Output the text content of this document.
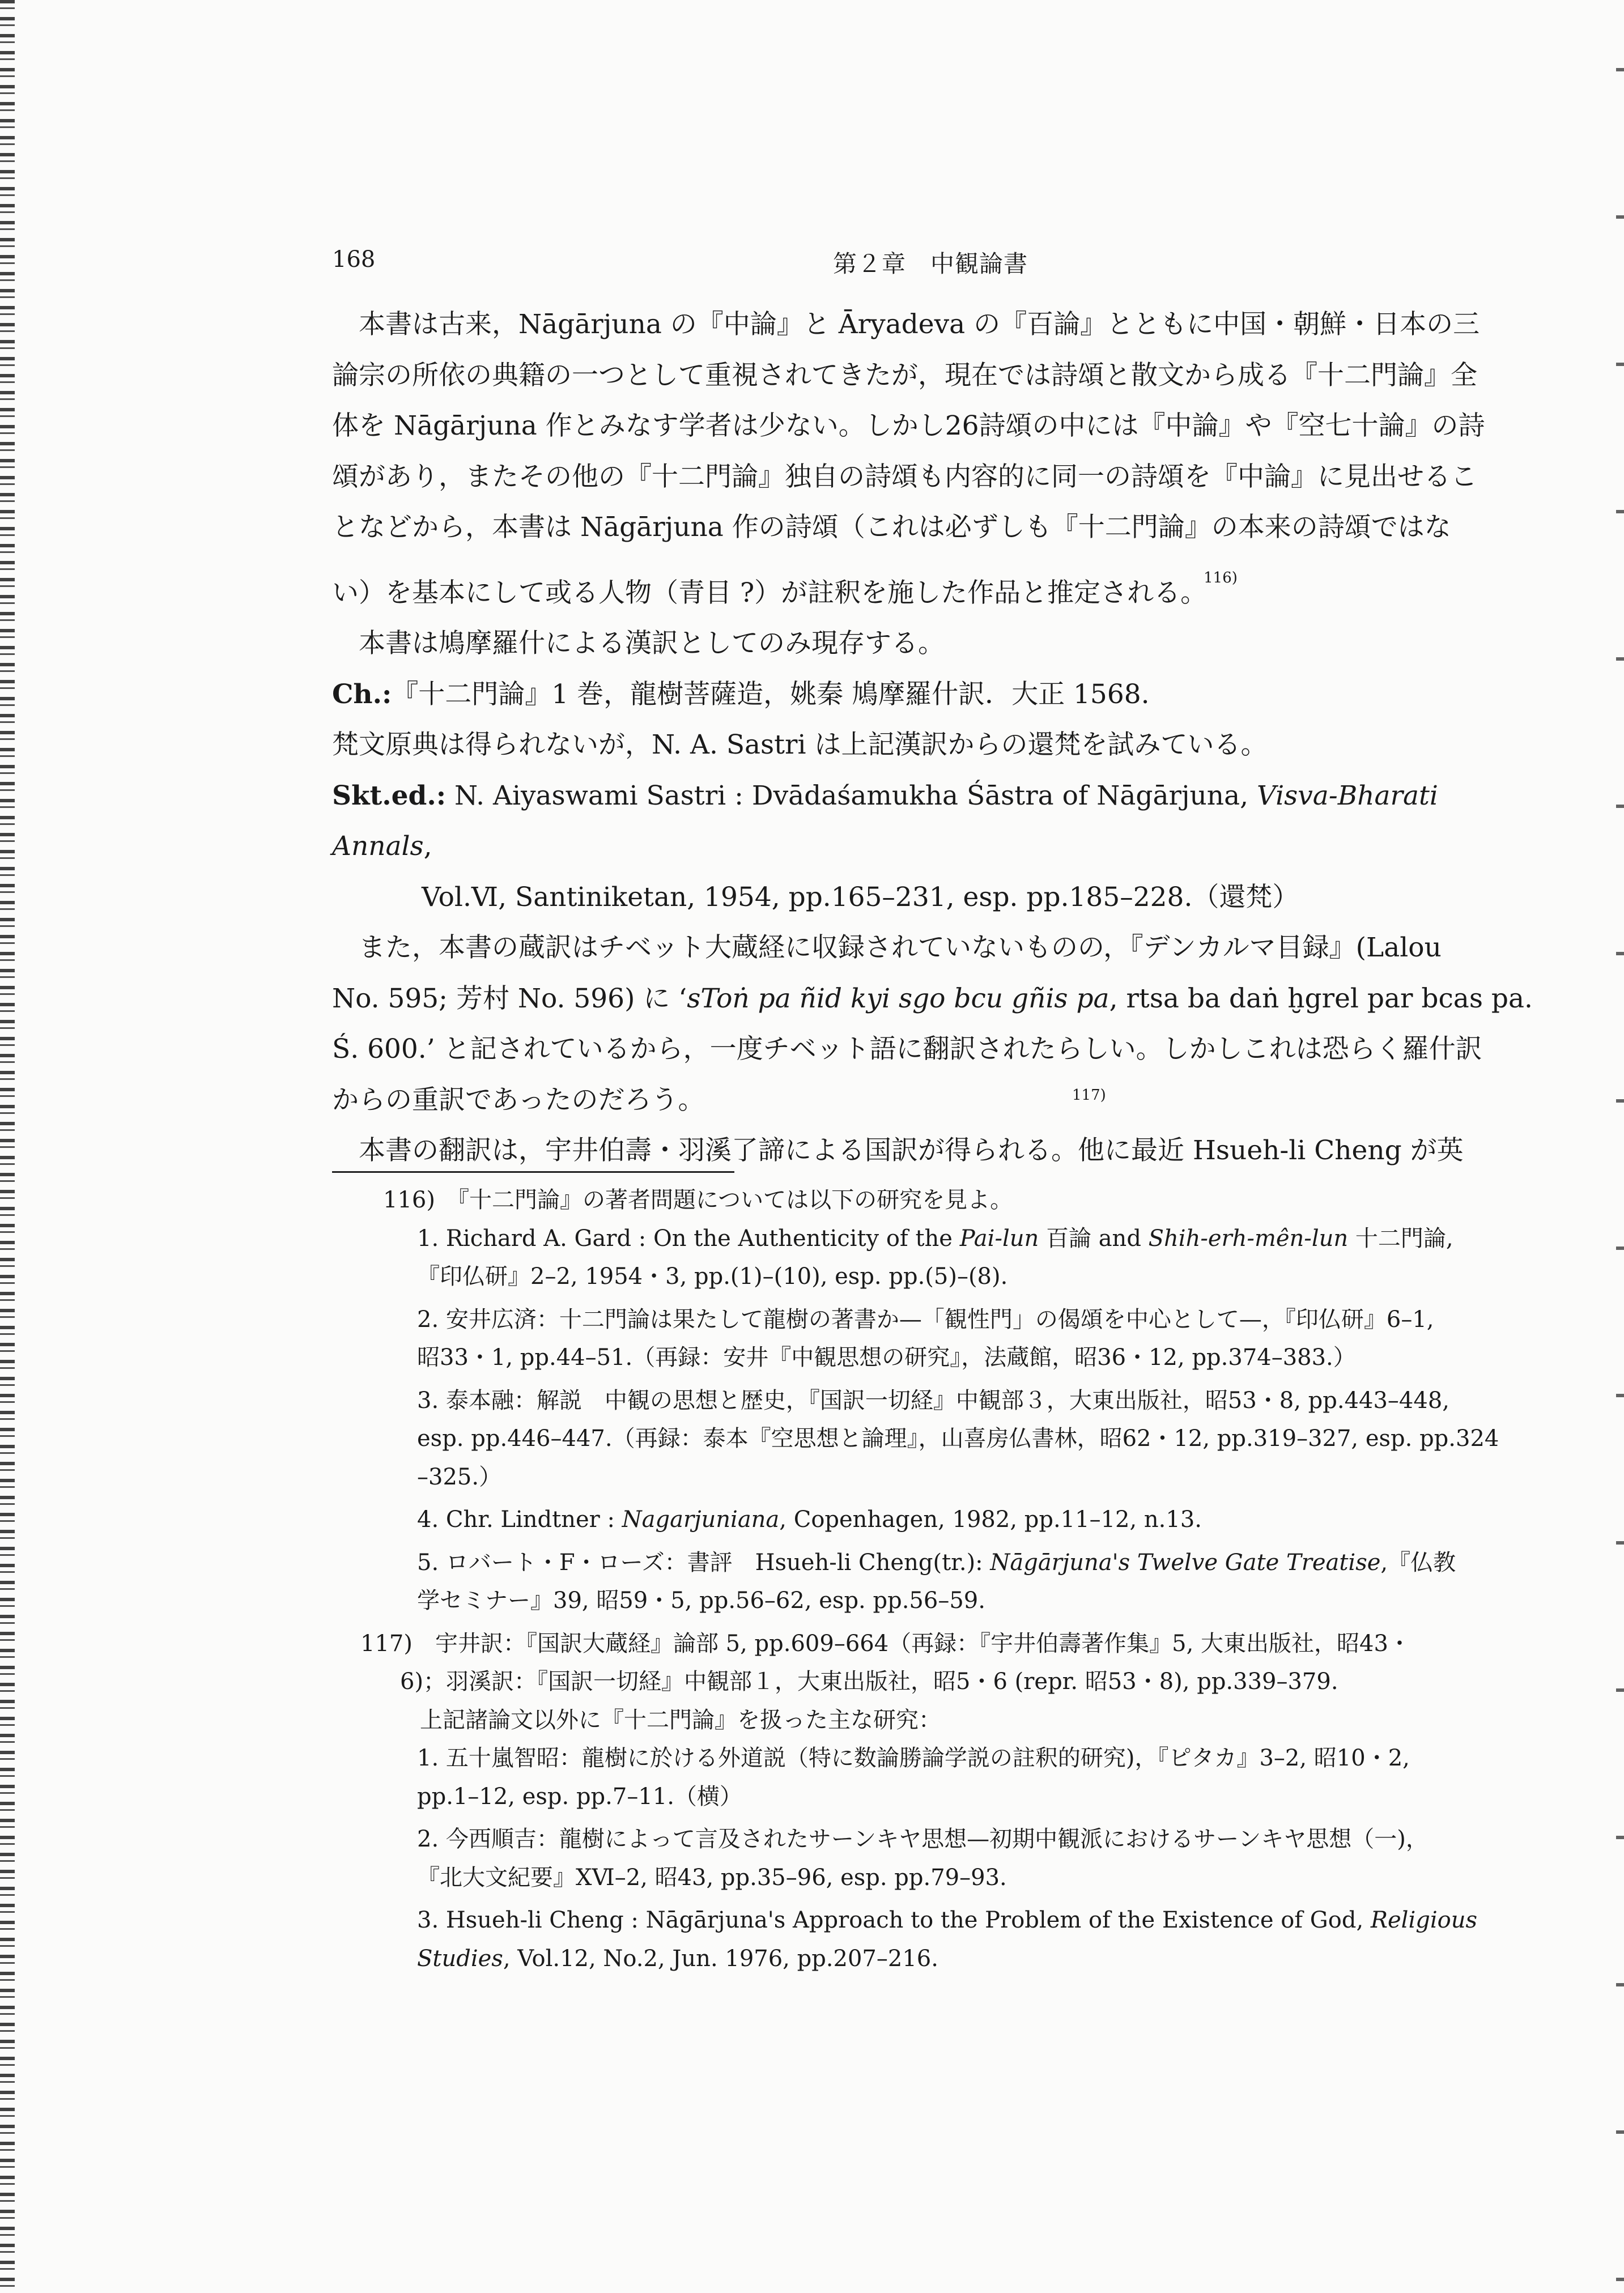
168	第２章　中観論書

本書は古来，Nāgārjuna の『中論』と Āryadeva の『百論』とともに中国・朝鮮・日本の三

論宗の所依の典籍の一つとして重視されてきたが，現在では詩頌と散文から成る『十二門論』全

体を Nāgārjuna 作とみなす学者は少ない。しかし26詩頌の中には『中論』や『空七十論』の詩

頌があり，またその他の『十二門論』独自の詩頌も内容的に同一の詩頌を『中論』に見出せるこ

となどから，本書は Nāgārjuna 作の詩頌（これは必ずしも『十二門論』の本来の詩頌ではな

い）を基本にして或る人物（青目 ?）が註釈を施した作品と推定される。$^{116)}$

本書は鳩摩羅什による漢訳としてのみ現存する。

Ch.:『十二門論』1 巻，龍樹菩薩造，姚秦 鳩摩羅什訳．大正 1568.

梵文原典は得られないが，N. A. Sastri は上記漢訳からの還梵を試みている。

Skt.ed.: N. Aiyaswami Sastri : Dvādaśamukha Śāstra of Nāgārjuna, Visva-Bharati Annals,

Vol.Ⅵ, Santiniketan, 1954, pp.165–231, esp. pp.185–228.（還梵）

また，本書の蔵訳はチベット大蔵経に収録されていないものの，『デンカルマ目録』(Lalou

No. 595; 芳村 No. 596) に ‘sToṅ pa ñid kyi sgo bcu gñis pa, rtsa ba daṅ ḫgrel par bcas pa.

Ś. 600.’ と記されているから，一度チベット語に翻訳されたらしい。しかしこれは恐らく羅什訳

からの重訳であったのだろう。

本書の翻訳は，宇井伯壽・羽溪了諦による国訳が得られる。他に最近 Hsueh-li Cheng が英

117)

116)　『十二門論』の著者問題については以下の研究を見よ。

1. Richard A. Gard : On the Authenticity of the Pai-lun 百論 and Shih-erh-mên-lun 十二門論,

『印仏研』2–2, 1954・3, pp.(1)–(10), esp. pp.(5)–(8).

2. 安井広済：十二門論は果たして龍樹の著書か—「観性門」の偈頌を中心として—，『印仏研』6–1,

昭33・1, pp.44–51.（再録：安井『中観思想の研究』，法蔵館，昭36・12, pp.374–383.）

3. 泰本融：解説　中観の思想と歴史，『国訳一切経』中観部３，大東出版社，昭53・8, pp.443–448,

esp. pp.446–447.（再録：泰本『空思想と論理』，山喜房仏書林，昭62・12, pp.319–327, esp. pp.324

–325.）

4. Chr. Lindtner : Nagarjuniana, Copenhagen, 1982, pp.11–12, n.13.

5. ロバート・F・ローズ：書評　Hsueh-li Cheng(tr.): Nāgārjuna's Twelve Gate Treatise,『仏教

学セミナー』39, 昭59・5, pp.56–62, esp. pp.56–59.

117)　宇井訳：『国訳大蔵経』論部 5, pp.609–664（再録：『宇井伯壽著作集』5, 大東出版社，昭43・

6)；羽溪訳：『国訳一切経』中観部１，大東出版社，昭5・6 (repr. 昭53・8), pp.339–379.

上記諸論文以外に『十二門論』を扱った主な研究：

1. 五十嵐智昭：龍樹に於ける外道説（特に数論勝論学説の註釈的研究)，『ピタカ』3–2, 昭10・2,

pp.1–12, esp. pp.7–11.（横）

2. 今西順吉：龍樹によって言及されたサーンキヤ思想—初期中観派におけるサーンキヤ思想（一)，

『北大文紀要』XⅥ–2, 昭43, pp.35–96, esp. pp.79–93.

3. Hsueh-li Cheng : Nāgārjuna's Approach to the Problem of the Existence of God, Religious

Studies, Vol.12, No.2, Jun. 1976, pp.207–216.
